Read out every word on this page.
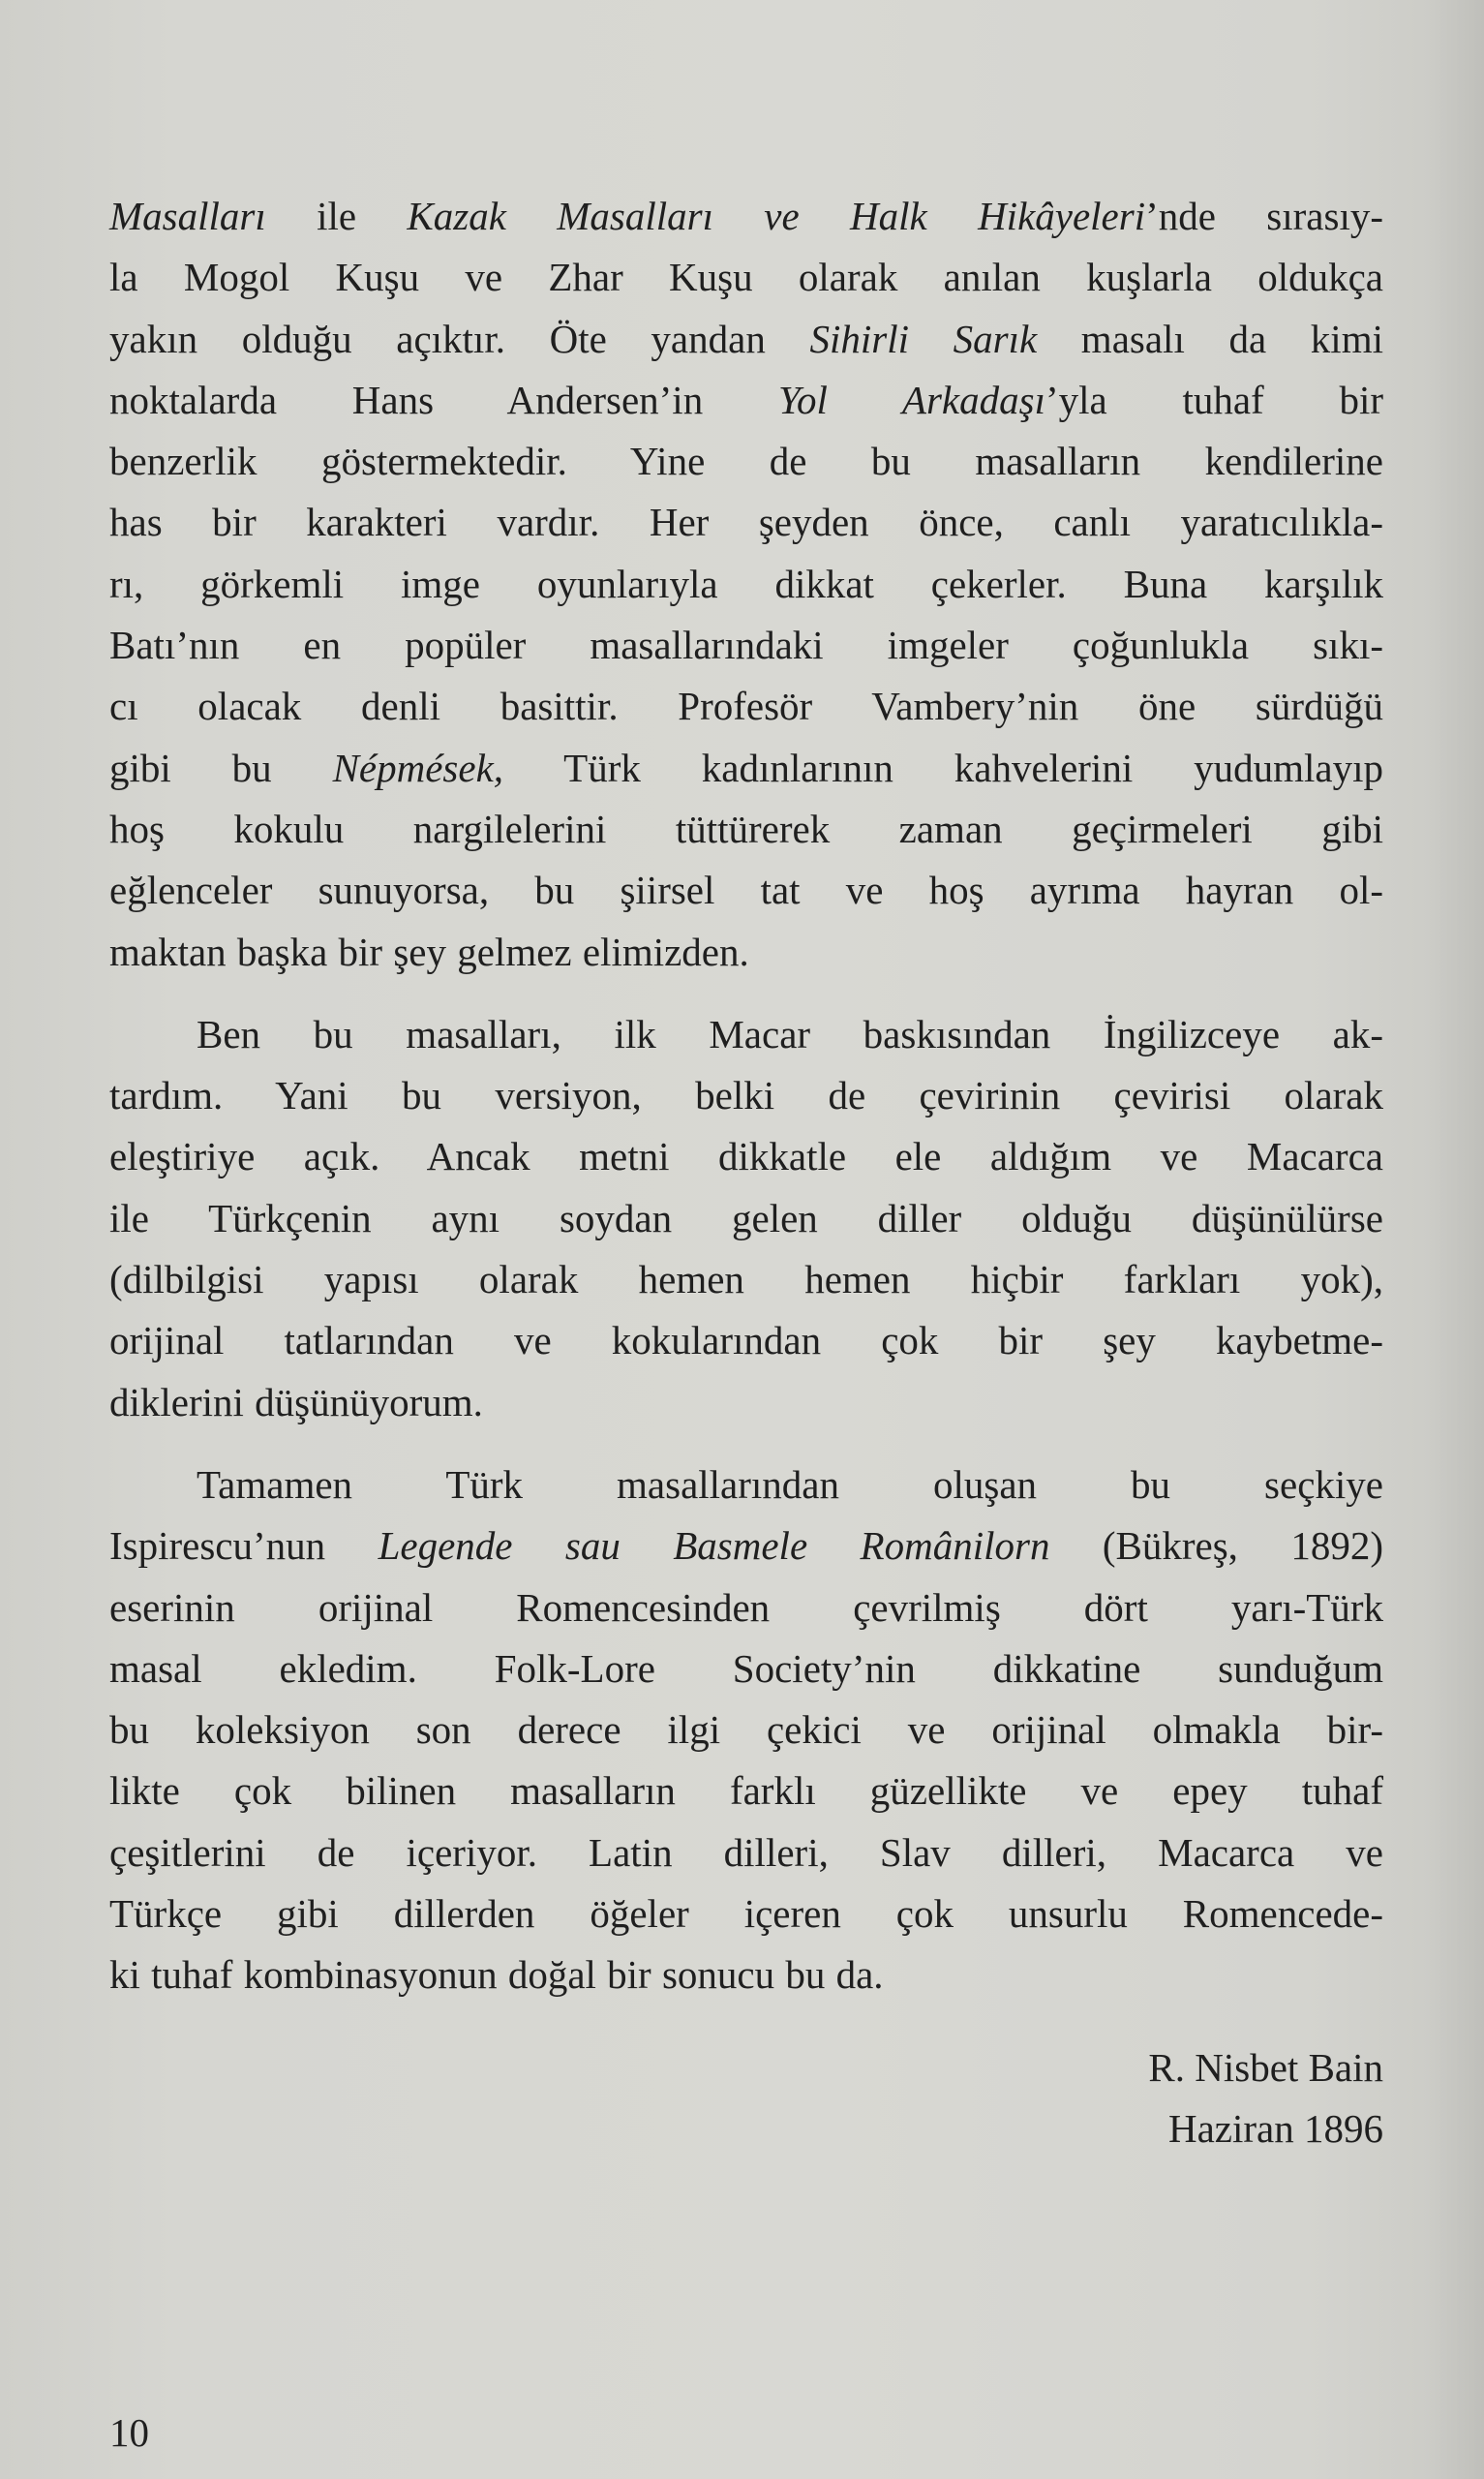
Masalları ile Kazak Masalları ve Halk Hikâyeleri’nde sırasıy-
la Mogol Kuşu ve Zhar Kuşu olarak anılan kuşlarla oldukça
yakın olduğu açıktır. Öte yandan Sihirli Sarık masalı da kimi
noktalarda Hans Andersen’in Yol Arkadaşı’yla tuhaf bir
benzerlik göstermektedir. Yine de bu masalların kendilerine
has bir karakteri vardır. Her şeyden önce, canlı yaratıcılıkla-
rı, görkemli imge oyunlarıyla dikkat çekerler. Buna karşılık
Batı’nın en popüler masallarındaki imgeler çoğunlukla sıkı-
cı olacak denli basittir. Profesör Vambery’nin öne sürdüğü
gibi bu Népmések, Türk kadınlarının kahvelerini yudumlayıp
hoş kokulu nargilelerini tüttürerek zaman geçirmeleri gibi
eğlenceler sunuyorsa, bu şiirsel tat ve hoş ayrıma hayran ol-
maktan başka bir şey gelmez elimizden.
Ben bu masalları, ilk Macar baskısından İngilizceye ak-
tardım. Yani bu versiyon, belki de çevirinin çevirisi olarak
eleştiriye açık. Ancak metni dikkatle ele aldığım ve Macarca
ile Türkçenin aynı soydan gelen diller olduğu düşünülürse
(dilbilgisi yapısı olarak hemen hemen hiçbir farkları yok),
orijinal tatlarından ve kokularından çok bir şey kaybetme-
diklerini düşünüyorum.
Tamamen Türk masallarından oluşan bu seçkiye
Ispirescu’nun Legende sau Basmele Românilorn (Bükreş, 1892)
eserinin orijinal Romencesinden çevrilmiş dört yarı-Türk
masal ekledim. Folk-Lore Society’nin dikkatine sunduğum
bu koleksiyon son derece ilgi çekici ve orijinal olmakla bir-
likte çok bilinen masalların farklı güzellikte ve epey tuhaf
çeşitlerini de içeriyor. Latin dilleri, Slav dilleri, Macarca ve
Türkçe gibi dillerden öğeler içeren çok unsurlu Romencede-
ki tuhaf kombinasyonun doğal bir sonucu bu da.
R. Nisbet Bain
Haziran 1896
10
